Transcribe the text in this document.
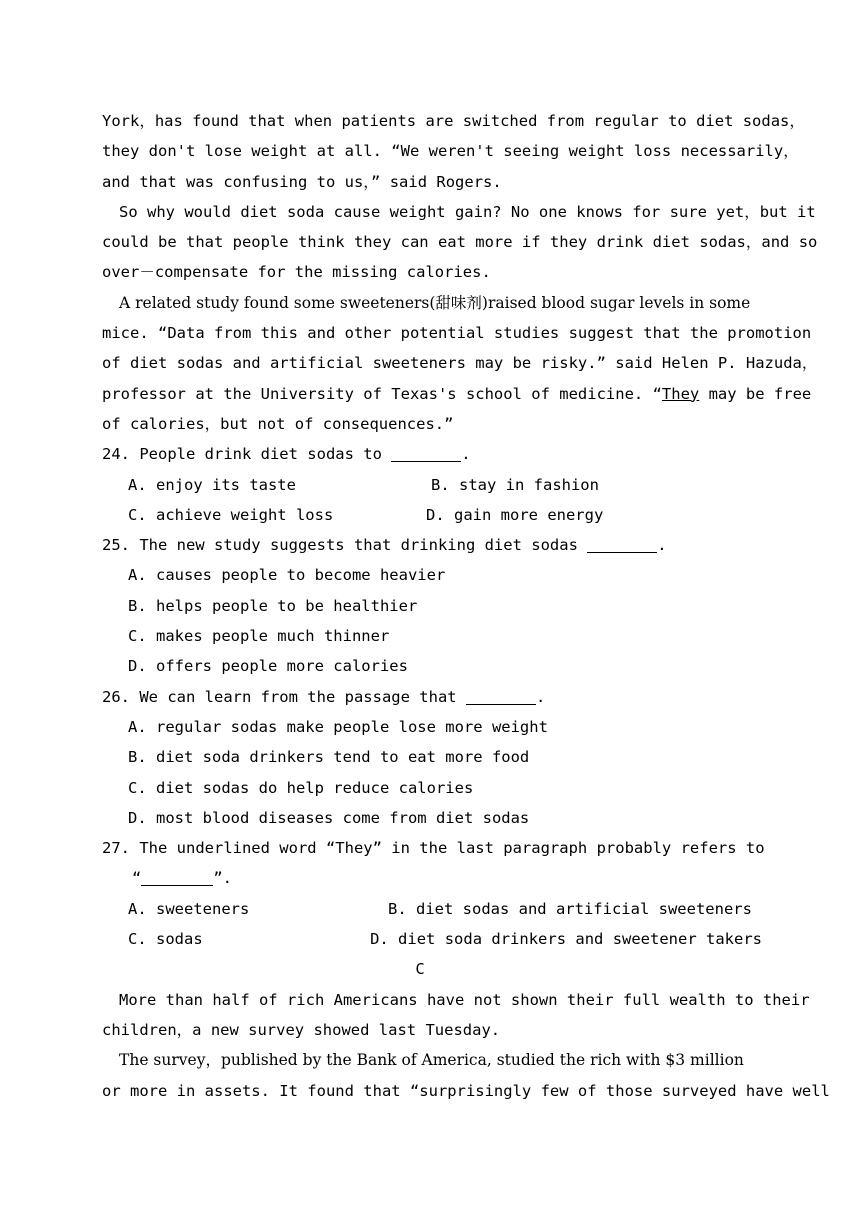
York，has found that when patients are switched from regular to diet sodas，
they don't lose weight at all. “We weren't seeing weight loss necessarily，
and that was confusing to us，” said Rogers.
So why would diet soda cause weight gain? No one knows for sure yet，but it
could be that people think they can eat more if they drink diet sodas，and so
over－compensate for the missing calories.
A related study found some sweeteners(甜味剂)raised blood sugar levels in some
mice. “Data from this and other potential studies suggest that the promotion
of diet sodas and artificial sweeteners may be risky.” said Helen P. Hazuda，
professor at the University of Texas's school of medicine. “They may be free
of calories，but not of consequences.”
24. People drink diet sodas to	.
A. enjoy its taste	B. stay in fashion
C. achieve weight loss	D. gain more energy
25. The new study suggests that drinking diet sodas	.
A. causes people to become heavier
B. helps people to be healthier
C. makes people much thinner
D. offers people more calories
26. We can learn from the passage that	.
A. regular sodas make people lose more weight
B. diet soda drinkers tend to eat more food
C. diet sodas do help reduce calories
D. most blood diseases come from diet sodas
27. The underlined word “They” in the last paragraph probably refers to
“	”.
A. sweeteners	B. diet sodas and artificial sweeteners
C. sodas	D. diet soda drinkers and sweetener takers
C
More than half of rich Americans have not shown their full wealth to their
children，a new survey showed last Tuesday.
The survey，published by the Bank of America, studied the rich with $3 million
or more in assets. It found that “surprisingly few of those surveyed have well
